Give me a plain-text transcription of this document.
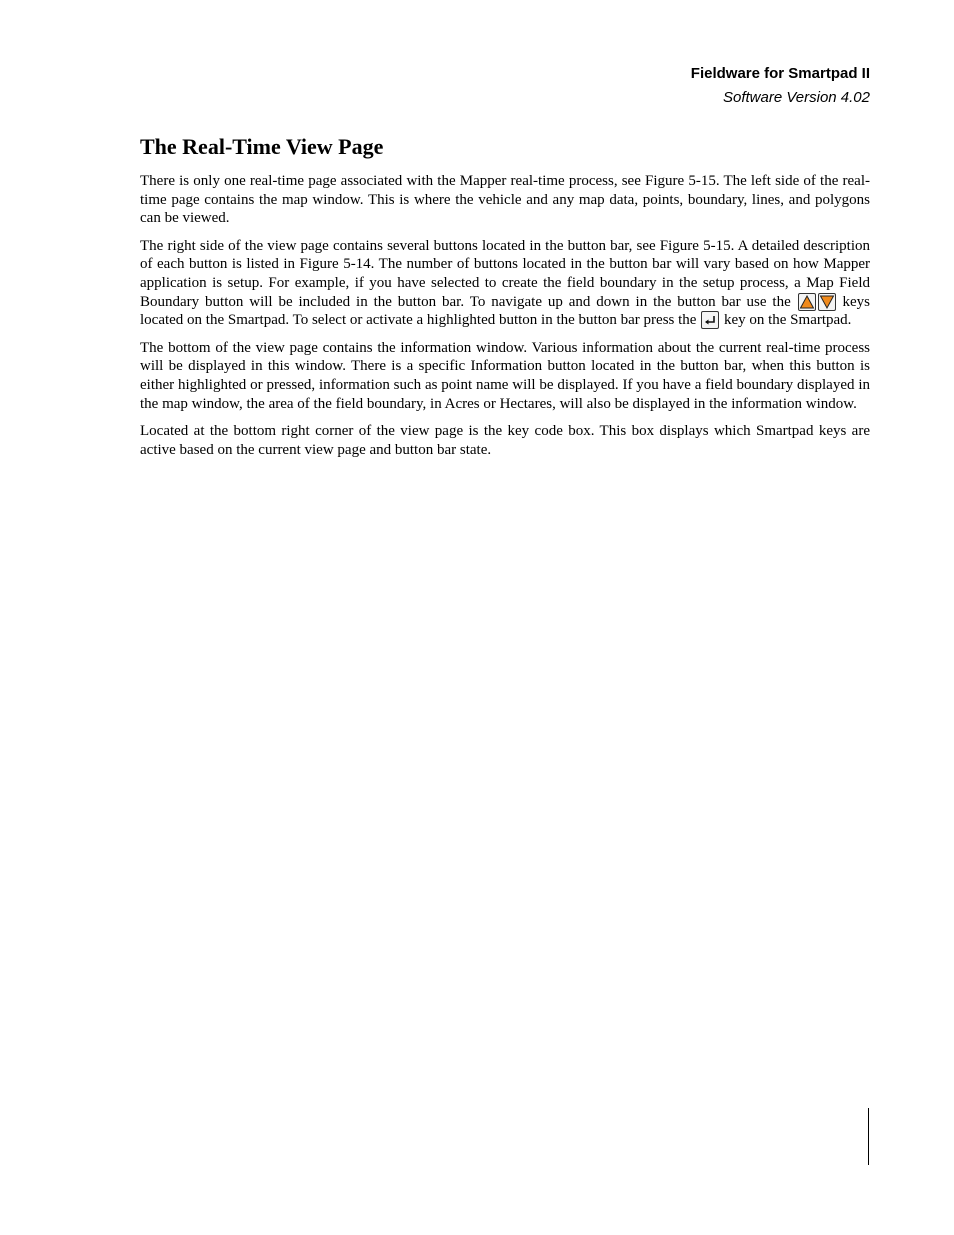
Fieldware for Smartpad II
Software Version 4.02
The Real-Time View Page

There is only one real-time page associated with the Mapper real-time process, see Figure 5-15. The left side of the real-time page contains the map window. This is where the vehicle and any map data, points, boundary, lines, and polygons can be viewed.

The right side of the view page contains several buttons located in the button bar, see Figure 5-15. A detailed description of each button is listed in Figure 5-14. The number of buttons located in the button bar will vary based on how Mapper application is setup. For example, if you have selected to create the field boundary in the setup process, a Map Field Boundary button will be included in the button bar. To navigate up and down in the button bar use the	keys located on the Smartpad. To select or activate a highlighted button in the button bar press the key on the Smartpad.

The bottom of the view page contains the information window. Various information about the current real-time process will be displayed in this window. There is a specific Information button located in the button bar, when this button is either highlighted or pressed, information such as point name will be displayed. If you have a field boundary displayed in the map window, the area of the field boundary, in Acres or Hectares, will also be displayed in the information window.

Located at the bottom right corner of the view page is the key code box. This box displays which Smartpad keys are active based on the current view page and button bar state.
